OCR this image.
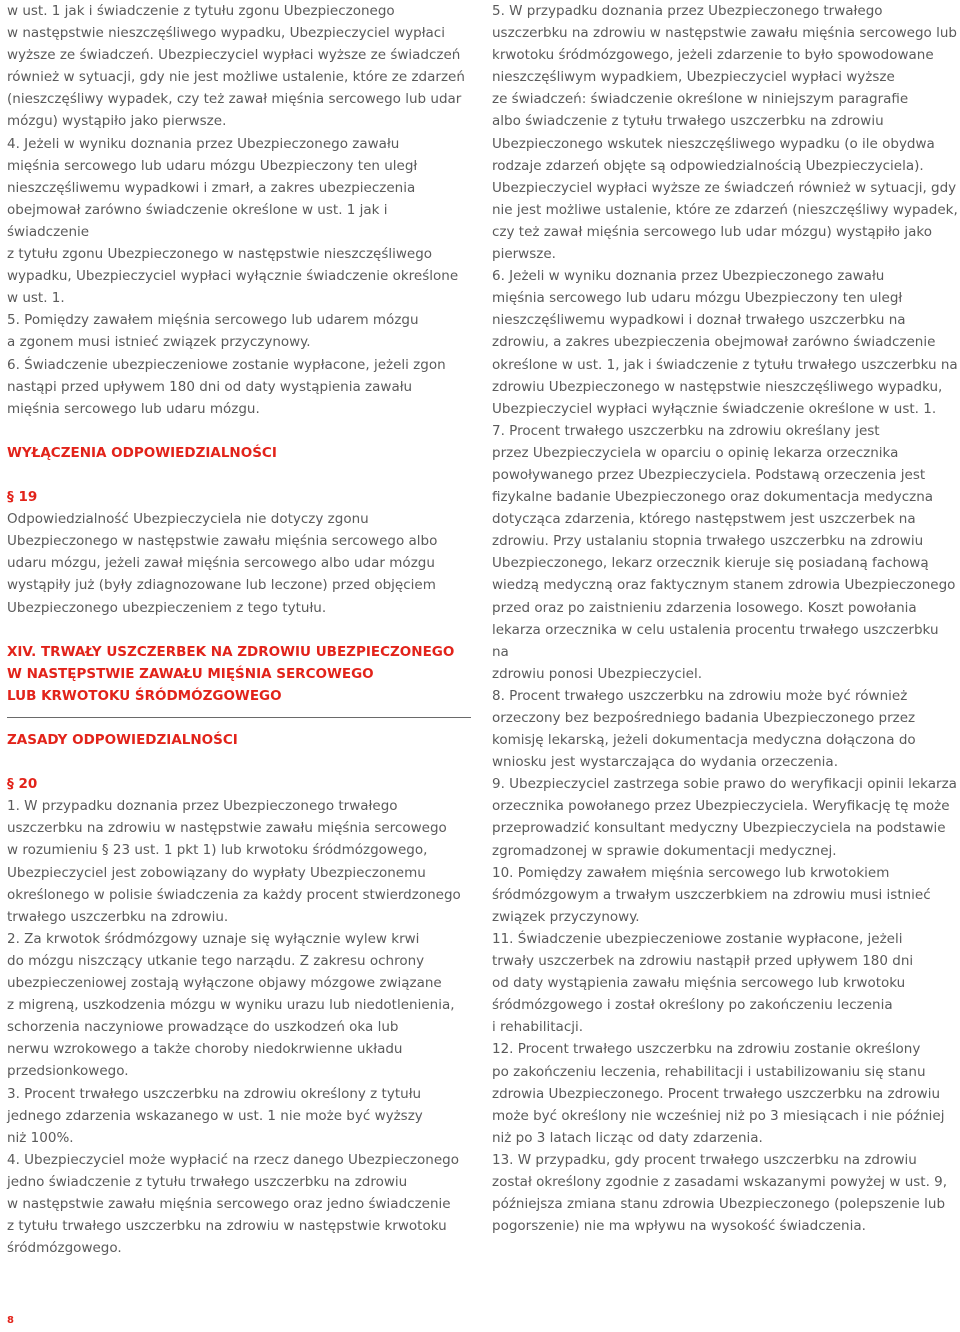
w ust. 1 jak i świadczenie z tytułu zgonu Ubezpieczonego
w następstwie nieszczęśliwego wypadku, Ubezpieczyciel wypłaci
wyższe ze świadczeń. Ubezpieczyciel wypłaci wyższe ze świadczeń
również w sytuacji, gdy nie jest możliwe ustalenie, które ze zdarzeń
(nieszczęśliwy wypadek, czy też zawał mięśnia sercowego lub udar
mózgu) wystąpiło jako pierwsze.

4. Jeżeli w wyniku doznania przez Ubezpieczonego zawału
mięśnia sercowego lub udaru mózgu Ubezpieczony ten uległ
nieszczęśliwemu wypadkowi i zmarł, a zakres ubezpieczenia
obejmował zarówno świadczenie określone w ust. 1 jak i świadczenie
z tytułu zgonu Ubezpieczonego w następstwie nieszczęśliwego
wypadku, Ubezpieczyciel wypłaci wyłącznie świadczenie określone
w ust. 1.

5. Pomiędzy zawałem mięśnia sercowego lub udarem mózgu
a zgonem musi istnieć związek przyczynowy.

6. Świadczenie ubezpieczeniowe zostanie wypłacone, jeżeli zgon
nastąpi przed upływem 180 dni od daty wystąpienia zawału
mięśnia sercowego lub udaru mózgu.

WYŁĄCZENIA ODPOWIEDZIALNOŚCI

§ 19

Odpowiedzialność Ubezpieczyciela nie dotyczy zgonu
Ubezpieczonego w następstwie zawału mięśnia sercowego albo
udaru mózgu, jeżeli zawał mięśnia sercowego albo udar mózgu
wystąpiły już (były zdiagnozowane lub leczone) przed objęciem
Ubezpieczonego ubezpieczeniem z tego tytułu.

XIV. TRWAŁY USZCZERBEK NA ZDROWIU UBEZPIECZONEGO
W NASTĘPSTWIE ZAWAŁU MIĘŚNIA SERCOWEGO
LUB KRWOTOKU ŚRÓDMÓZGOWEGO

ZASADY ODPOWIEDZIALNOŚCI

§ 20

1. W przypadku doznania przez Ubezpieczonego trwałego
uszczerbku na zdrowiu w następstwie zawału mięśnia sercowego
w rozumieniu § 23 ust. 1 pkt 1) lub krwotoku śródmózgowego,
Ubezpieczyciel jest zobowiązany do wypłaty Ubezpieczonemu
określonego w polisie świadczenia za każdy procent stwierdzonego
trwałego uszczerbku na zdrowiu.

2. Za krwotok śródmózgowy uznaje się wyłącznie wylew krwi
do mózgu niszczący utkanie tego narządu. Z zakresu ochrony
ubezpieczeniowej zostają wyłączone objawy mózgowe związane
z migreną, uszkodzenia mózgu w wyniku urazu lub niedotlenienia,
schorzenia naczyniowe prowadzące do uszkodzeń oka lub
nerwu wzrokowego a także choroby niedokrwienne układu
przedsionkowego.

3. Procent trwałego uszczerbku na zdrowiu określony z tytułu
jednego zdarzenia wskazanego w ust. 1 nie może być wyższy
niż 100%.

4. Ubezpieczyciel może wypłacić na rzecz danego Ubezpieczonego
jedno świadczenie z tytułu trwałego uszczerbku na zdrowiu
w następstwie zawału mięśnia sercowego oraz jedno świadczenie
z tytułu trwałego uszczerbku na zdrowiu w następstwie krwotoku
śródmózgowego.

5. W przypadku doznania przez Ubezpieczonego trwałego
uszczerbku na zdrowiu w następstwie zawału mięśnia sercowego lub
krwotoku śródmózgowego, jeżeli zdarzenie to było spowodowane
nieszczęśliwym wypadkiem, Ubezpieczyciel wypłaci wyższe
ze świadczeń: świadczenie określone w niniejszym paragrafie
albo świadczenie z tytułu trwałego uszczerbku na zdrowiu
Ubezpieczonego wskutek nieszczęśliwego wypadku (o ile obydwa
rodzaje zdarzeń objęte są odpowiedzialnością Ubezpieczyciela).
Ubezpieczyciel wypłaci wyższe ze świadczeń również w sytuacji, gdy
nie jest możliwe ustalenie, które ze zdarzeń (nieszczęśliwy wypadek,
czy też zawał mięśnia sercowego lub udar mózgu) wystąpiło jako
pierwsze.

6. Jeżeli w wyniku doznania przez Ubezpieczonego zawału
mięśnia sercowego lub udaru mózgu Ubezpieczony ten uległ
nieszczęśliwemu wypadkowi i doznał trwałego uszczerbku na
zdrowiu, a zakres ubezpieczenia obejmował zarówno świadczenie
określone w ust. 1, jak i świadczenie z tytułu trwałego uszczerbku na
zdrowiu Ubezpieczonego w następstwie nieszczęśliwego wypadku,
Ubezpieczyciel wypłaci wyłącznie świadczenie określone w ust. 1.

7. Procent trwałego uszczerbku na zdrowiu określany jest
przez Ubezpieczyciela w oparciu o opinię lekarza orzecznika
powoływanego przez Ubezpieczyciela. Podstawą orzeczenia jest
fizykalne badanie Ubezpieczonego oraz dokumentacja medyczna
dotycząca zdarzenia, którego następstwem jest uszczerbek na
zdrowiu. Przy ustalaniu stopnia trwałego uszczerbku na zdrowiu
Ubezpieczonego, lekarz orzecznik kieruje się posiadaną fachową
wiedzą medyczną oraz faktycznym stanem zdrowia Ubezpieczonego
przed oraz po zaistnieniu zdarzenia losowego. Koszt powołania
lekarza orzecznika w celu ustalenia procentu trwałego uszczerbku na
zdrowiu ponosi Ubezpieczyciel.

8. Procent trwałego uszczerbku na zdrowiu może być również
orzeczony bez bezpośredniego badania Ubezpieczonego przez
komisję lekarską, jeżeli dokumentacja medyczna dołączona do
wniosku jest wystarczająca do wydania orzeczenia.

9. Ubezpieczyciel zastrzega sobie prawo do weryfikacji opinii lekarza
orzecznika powołanego przez Ubezpieczyciela. Weryfikację tę może
przeprowadzić konsultant medyczny Ubezpieczyciela na podstawie
zgromadzonej w sprawie dokumentacji medycznej.

10. Pomiędzy zawałem mięśnia sercowego lub krwotokiem
śródmózgowym a trwałym uszczerbkiem na zdrowiu musi istnieć
związek przyczynowy.

11. Świadczenie ubezpieczeniowe zostanie wypłacone, jeżeli
trwały uszczerbek na zdrowiu nastąpił przed upływem 180 dni
od daty wystąpienia zawału mięśnia sercowego lub krwotoku
śródmózgowego i został określony po zakończeniu leczenia
i rehabilitacji.

12. Procent trwałego uszczerbku na zdrowiu zostanie określony
po zakończeniu leczenia, rehabilitacji i ustabilizowaniu się stanu
zdrowia Ubezpieczonego. Procent trwałego uszczerbku na zdrowiu
może być określony nie wcześniej niż po 3 miesiącach i nie później
niż po 3 latach licząc od daty zdarzenia.

13. W przypadku, gdy procent trwałego uszczerbku na zdrowiu
został określony zgodnie z zasadami wskazanymi powyżej w ust. 9,
późniejsza zmiana stanu zdrowia Ubezpieczonego (polepszenie lub
pogorszenie) nie ma wpływu na wysokość świadczenia.

8
